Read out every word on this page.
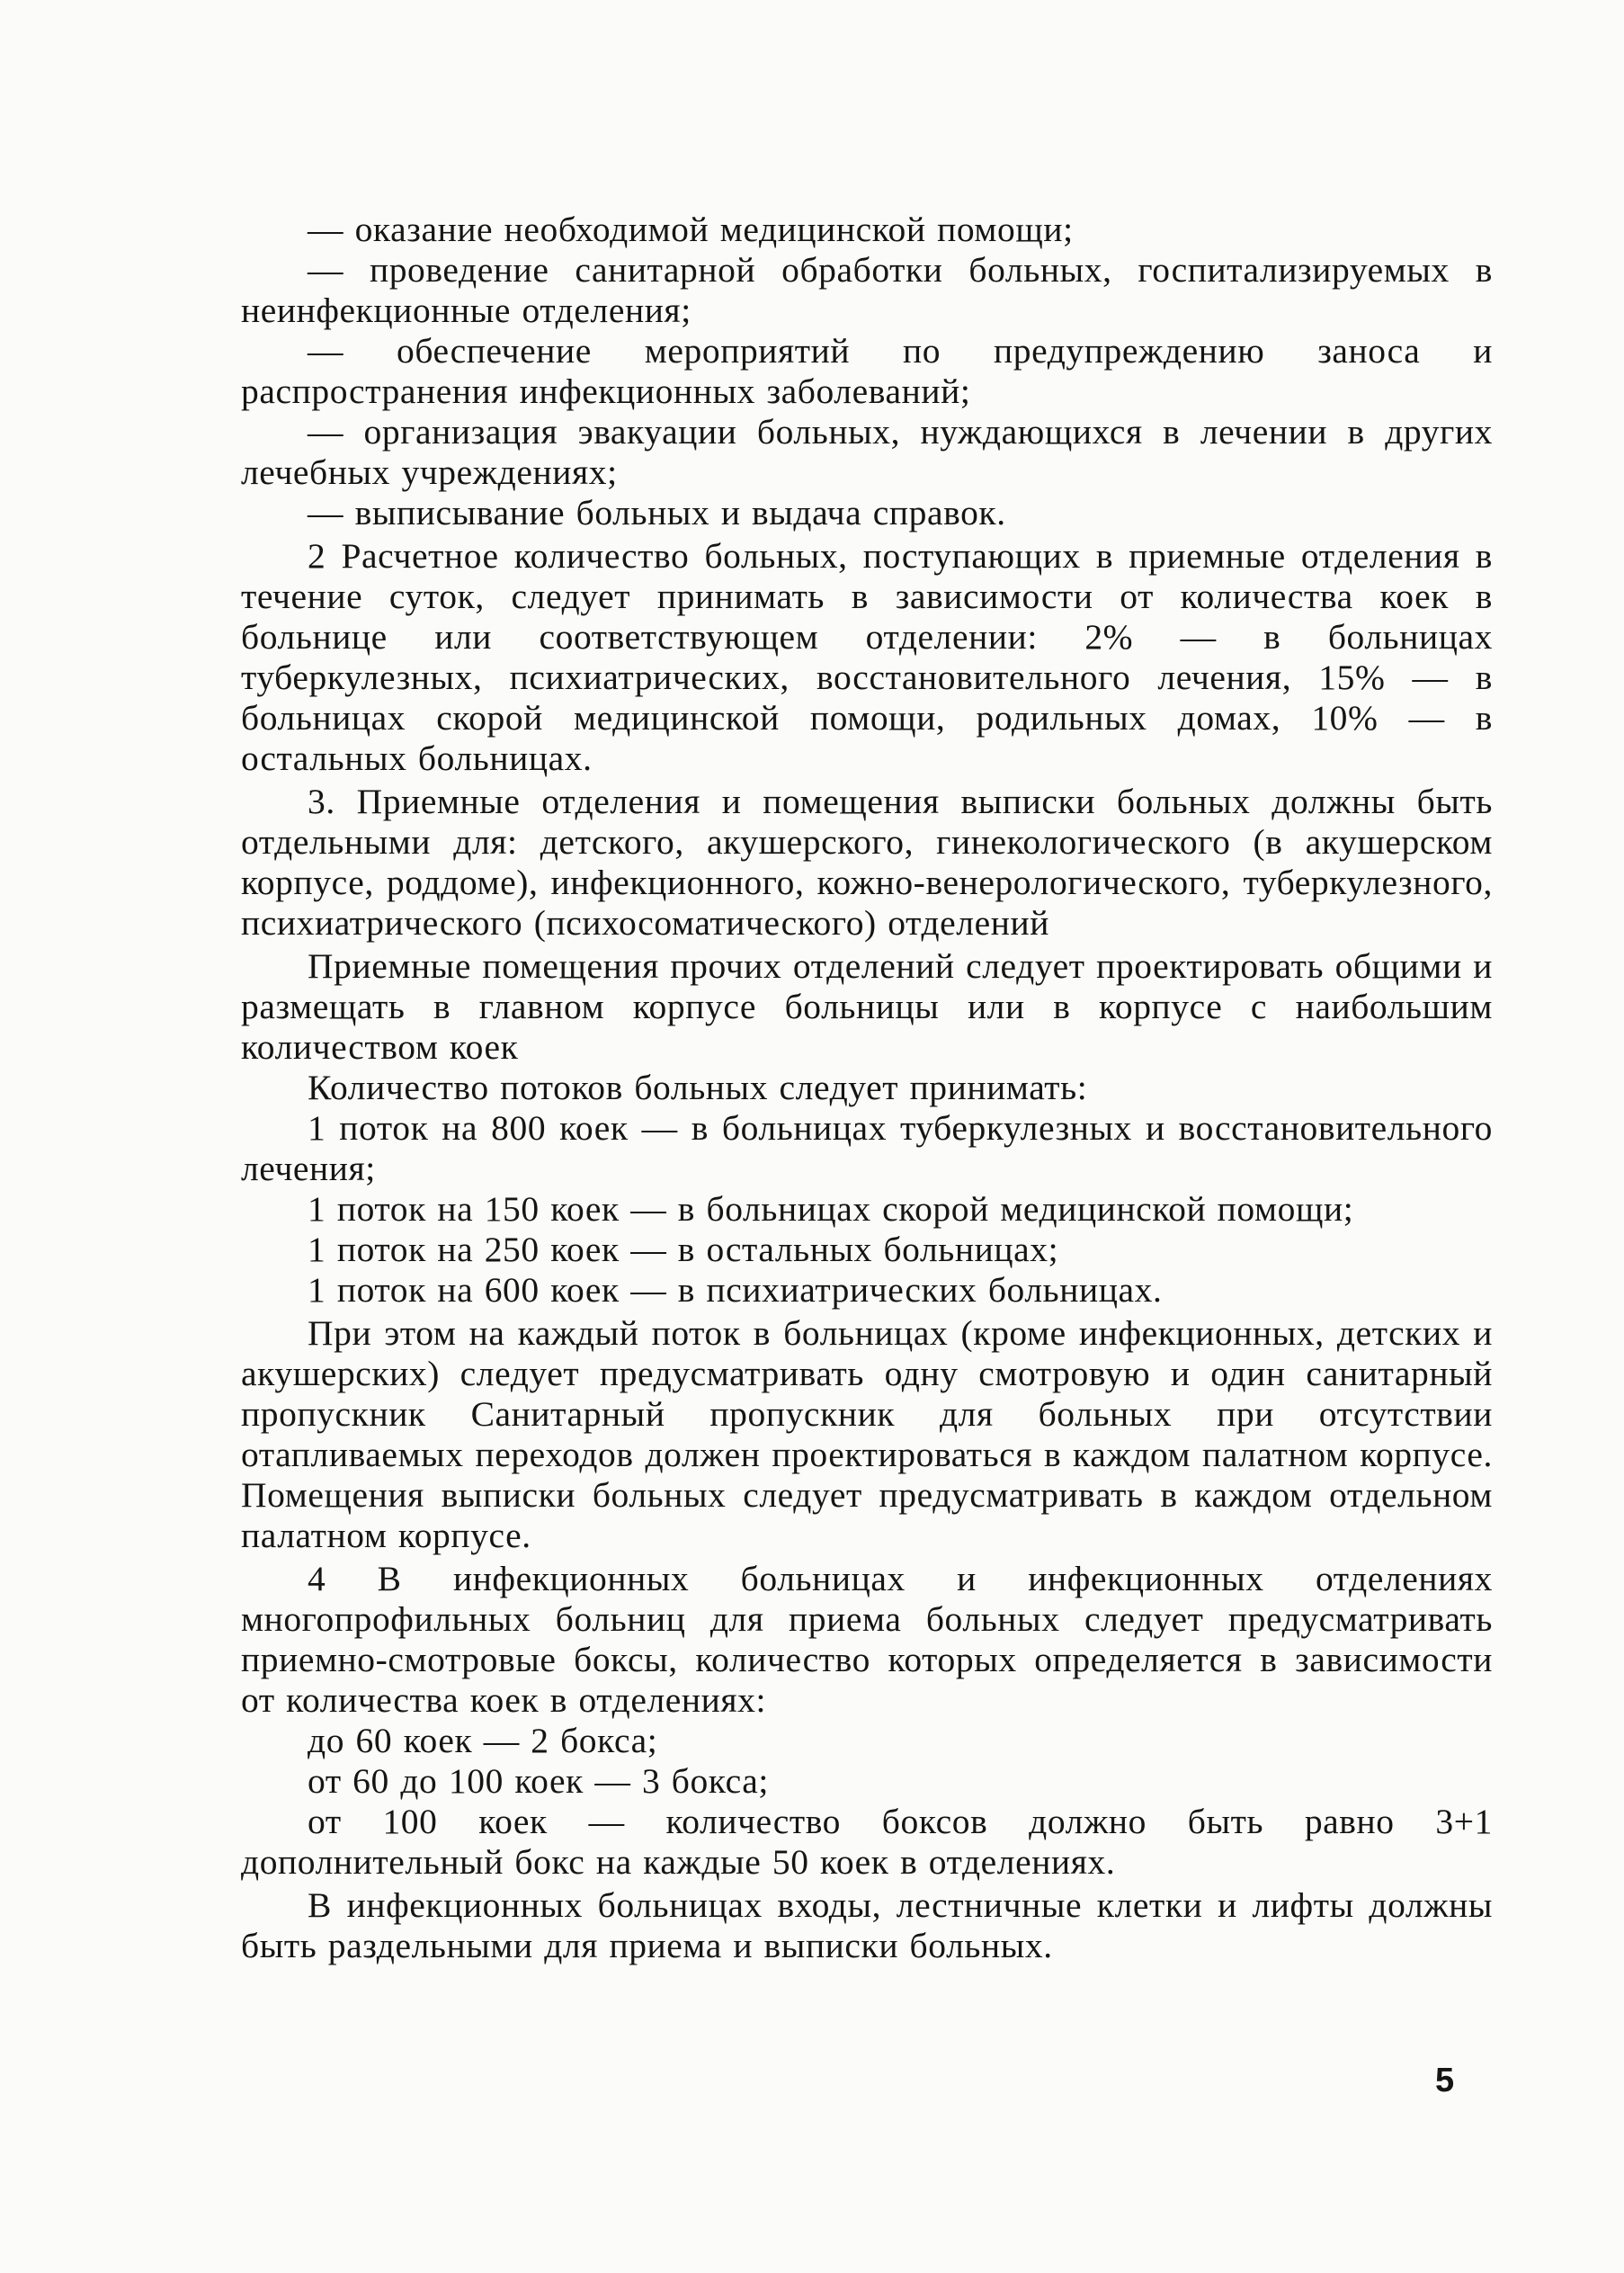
— оказание необходимой медицинской помощи;

— проведение санитарной обработки больных, госпитализируемых в неинфекционные отделения;

— обеспечение мероприятий по предупреждению заноса и распространения инфекционных заболеваний;

— организация эвакуации больных, нуждающихся в лечении в других лечебных учреждениях;

— выписывание больных и выдача справок.

2 Расчетное количество больных, поступающих в приемные отделения в течение суток, следует принимать в зависимости от количества коек в больнице или соответствующем отделении: 2% — в больницах туберкулезных, психиатрических, восстановительного лечения, 15% — в больницах скорой медицинской помощи, родильных домах, 10% — в остальных больницах.

3. Приемные отделения и помещения выписки больных должны быть отдельными для: детского, акушерского, гинекологического (в акушерском корпусе, роддоме), инфекционного, кожно-венерологического, туберкулезного, психиатрического (психосоматического) отделений

Приемные помещения прочих отделений следует проектировать общими и размещать в главном корпусе больницы или в корпусе с наибольшим количеством коек

Количество потоков больных следует принимать:

1 поток на 800 коек — в больницах туберкулезных и восстановительного лечения;

1 поток на 150 коек — в больницах скорой медицинской помощи;

1 поток на 250 коек — в остальных больницах;

1 поток на 600 коек — в психиатрических больницах.

При этом на каждый поток в больницах (кроме инфекционных, детских и акушерских) следует предусматривать одну смотровую и один санитарный пропускник Санитарный пропускник для больных при отсутствии отапливаемых переходов должен проектироваться в каждом палатном корпусе. Помещения выписки больных следует предусматривать в каждом отдельном палатном корпусе.

4 В инфекционных больницах и инфекционных отделениях многопрофильных больниц для приема больных следует предусматривать приемно-смотровые боксы, количество которых определяется в зависимости от количества коек в отделениях:

до 60 коек — 2 бокса;

от 60 до 100 коек — 3 бокса;

от 100 коек — количество боксов должно быть равно 3+1 дополнительный бокс на каждые 50 коек в отделениях.

В инфекционных больницах входы, лестничные клетки и лифты должны быть раздельными для приема и выписки больных.

5
